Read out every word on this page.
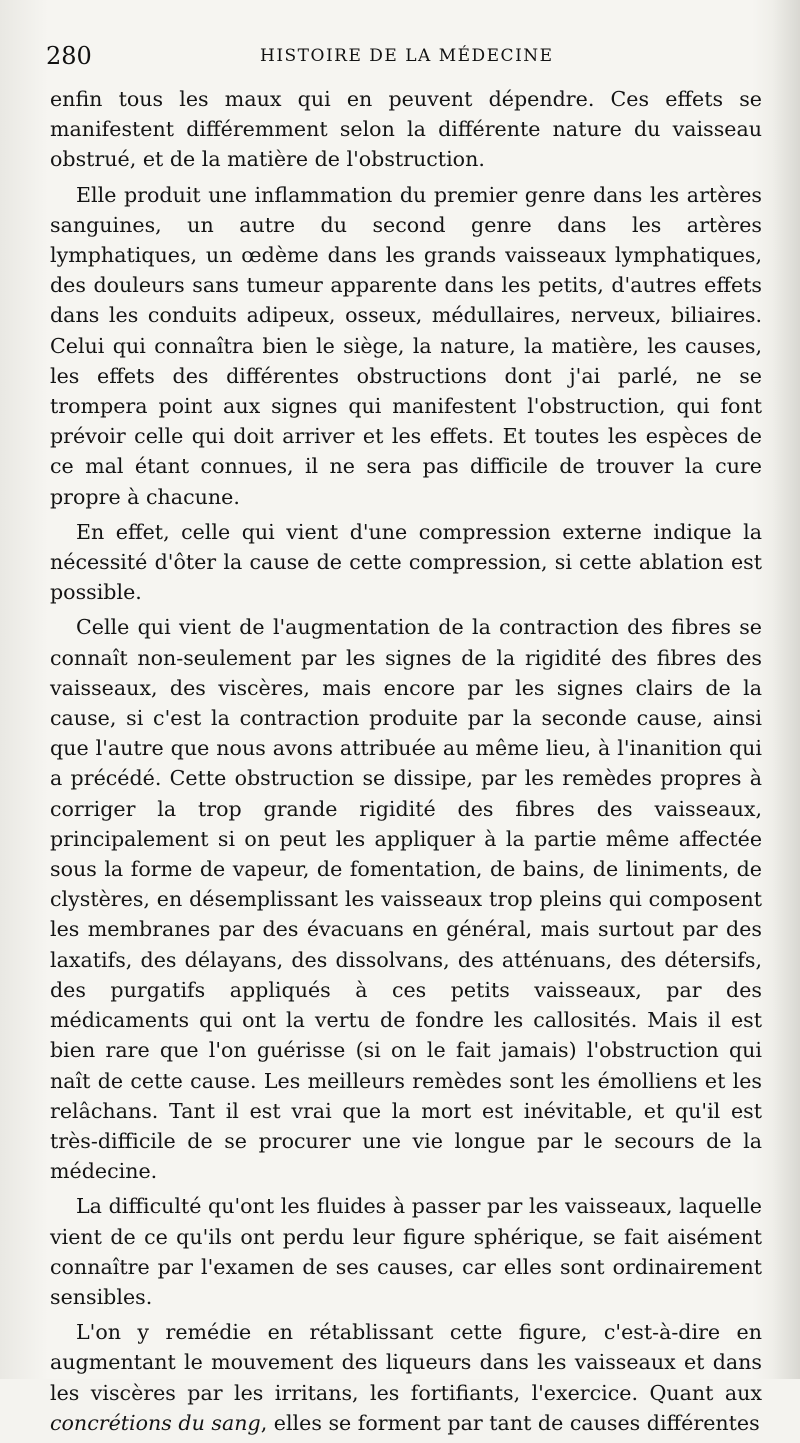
280	HISTOIRE DE LA MÉDECINE

enfin tous les maux qui en peuvent dépendre. Ces effets se manifestent différemment selon la différente nature du vaisseau obstrué, et de la matière de l'obstruction.

Elle produit une inflammation du premier genre dans les artères sanguines, un autre du second genre dans les artères lymphatiques, un œdème dans les grands vaisseaux lymphatiques, des douleurs sans tumeur apparente dans les petits, d'autres effets dans les conduits adipeux, osseux, médullaires, nerveux, biliaires. Celui qui connaîtra bien le siège, la nature, la matière, les causes, les effets des différentes obstructions dont j'ai parlé, ne se trompera point aux signes qui manifestent l'obstruction, qui font prévoir celle qui doit arriver et les effets. Et toutes les espèces de ce mal étant connues, il ne sera pas difficile de trouver la cure propre à chacune.

En effet, celle qui vient d'une compression externe indique la nécessité d'ôter la cause de cette compression, si cette ablation est possible.

Celle qui vient de l'augmentation de la contraction des fibres se connaît non-seulement par les signes de la rigidité des fibres des vaisseaux, des viscères, mais encore par les signes clairs de la cause, si c'est la contraction produite par la seconde cause, ainsi que l'autre que nous avons attribuée au même lieu, à l'inanition qui a précédé. Cette obstruction se dissipe, par les remèdes propres à corriger la trop grande rigidité des fibres des vaisseaux, principalement si on peut les appliquer à la partie même affectée sous la forme de vapeur, de fomentation, de bains, de liniments, de clystères, en désemplissant les vaisseaux trop pleins qui composent les membranes par des évacuans en général, mais surtout par des laxatifs, des délayans, des dissolvans, des atténuans, des détersifs, des purgatifs appliqués à ces petits vaisseaux, par des médicaments qui ont la vertu de fondre les callosités. Mais il est bien rare que l'on guérisse (si on le fait jamais) l'obstruction qui naît de cette cause. Les meilleurs remèdes sont les émolliens et les relâchans. Tant il est vrai que la mort est inévitable, et qu'il est très-difficile de se procurer une vie longue par le secours de la médecine.

La difficulté qu'ont les fluides à passer par les vaisseaux, laquelle vient de ce qu'ils ont perdu leur figure sphérique, se fait aisément connaître par l'examen de ses causes, car elles sont ordinairement sensibles.

L'on y remédie en rétablissant cette figure, c'est-à-dire en augmentant le mouvement des liqueurs dans les vaisseaux et dans les viscères par les irritans, les fortifiants, l'exercice. Quant aux concrétions du sang, elles se forment par tant de causes différentes
